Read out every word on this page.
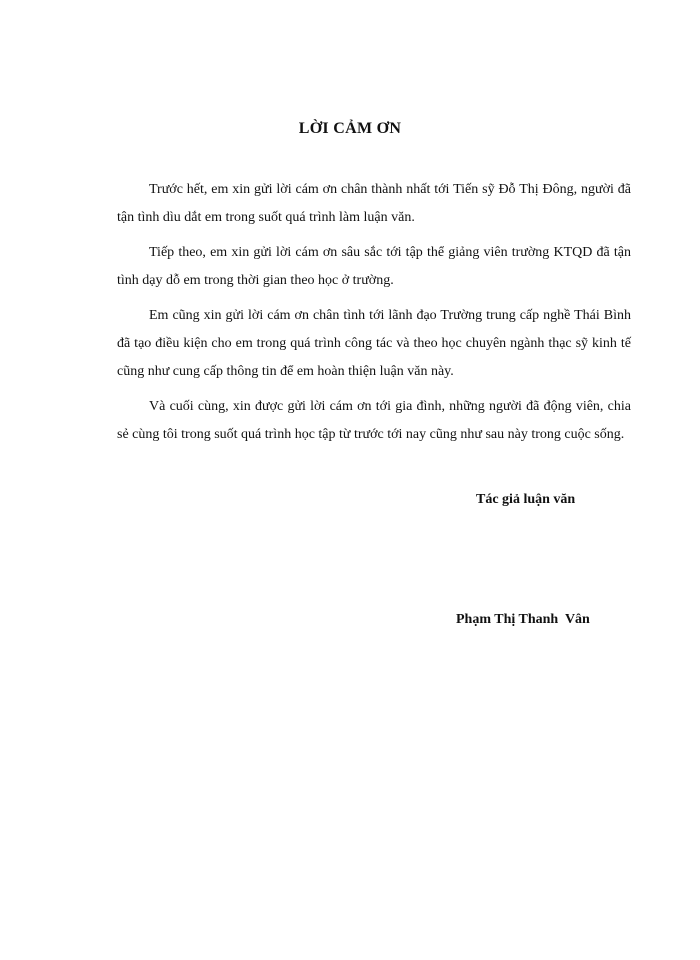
LỜI CẢM ƠN

Trước hết, em xin gửi lời cám ơn chân thành nhất tới Tiến sỹ Đỗ Thị Đông, người đã tận tình dìu dắt em trong suốt quá trình làm luận văn.

Tiếp theo, em xin gửi lời cám ơn sâu sắc tới tập thể giảng viên trường KTQD đã tận tình dạy dỗ em trong thời gian theo học ở trường.

Em cũng xin gửi lời cám ơn chân tình tới lãnh đạo Trường trung cấp nghề Thái Bình đã tạo điều kiện cho em trong quá trình công tác và theo học chuyên ngành thạc sỹ kinh tế cũng như cung cấp thông tin để em hoàn thiện luận văn này.

Và cuối cùng, xin được gửi lời cám ơn tới gia đình, những người đã động viên, chia sẻ cùng tôi trong suốt quá trình học tập từ trước tới nay cũng như sau này trong cuộc sống.

Tác giả luận văn
Phạm Thị Thanh  Vân
